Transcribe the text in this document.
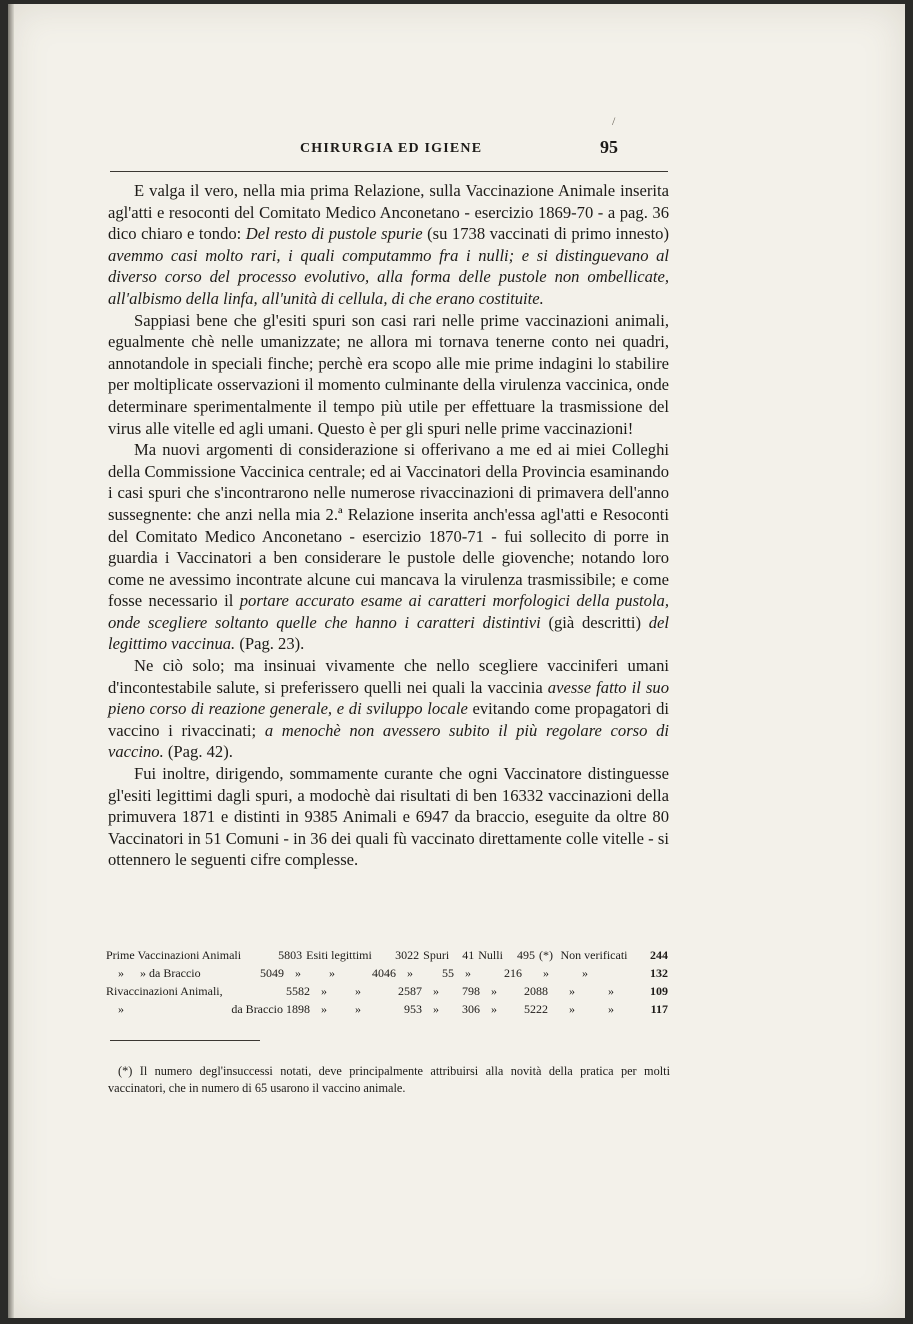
/
CHIRURGIA ED IGIENE	95

E valga il vero, nella mia prima Relazione, sulla Vaccinazione Animale inserita agl'atti e resoconti del Comitato Medico Anconetano - esercizio 1869-70 - a pag. 36 dico chiaro e tondo: Del resto di pustole spurie (su 1738 vaccinati di primo innesto) avemmo casi molto rari, i quali computammo fra i nulli; e si distinguevano al diverso corso del processo evolutivo, alla forma delle pustole non ombellicate, all'albismo della linfa, all'unità di cellula, di che erano costituite.

Sappiasi bene che gl'esiti spuri son casi rari nelle prime vaccinazioni animali, egualmente chè nelle umanizzate; ne allora mi tornava tenerne conto nei quadri, annotandole in speciali finche; perchè era scopo alle mie prime indagini lo stabilire per moltiplicate osservazioni il momento culminante della virulenza vaccinica, onde determinare sperimentalmente il tempo più utile per effettuare la trasmissione del virus alle vitelle ed agli umani. Questo è per gli spuri nelle prime vaccinazioni!

Ma nuovi argomenti di considerazione si offerivano a me ed ai miei Colleghi della Commissione Vaccinica centrale; ed ai Vaccinatori della Provincia esaminando i casi spuri che s'incontrarono nelle numerose rivaccinazioni di primavera dell'anno sussegnente: che anzi nella mia 2.ª Relazione inserita anch'essa agl'atti e Resoconti del Comitato Medico Anconetano - esercizio 1870-71 - fui sollecito di porre in guardia i Vaccinatori a ben considerare le pustole delle giovenche; notando loro come ne avessimo incontrate alcune cui mancava la virulenza trasmissibile; e come fosse necessario il portare accurato esame ai caratteri morfologici della pustola, onde scegliere soltanto quelle che hanno i caratteri distintivi (già descritti) del legittimo vaccinua. (Pag. 23).

Ne ciò solo; ma insinuai vivamente che nello scegliere vacciniferi umani d'incontestabile salute, si preferissero quelli nei quali la vaccinia avesse fatto il suo pieno corso di reazione generale, e di sviluppo locale evitando come propagatori di vaccino i rivaccinati; a menochè non avessero subito il più regolare corso di vaccino. (Pag. 42).

Fui inoltre, dirigendo, sommamente curante che ogni Vaccinatore distinguesse gl'esiti legittimi dagli spuri, a modochè dai risultati di ben 16332 vaccinazioni della primuvera 1871 e distinti in 9385 Animali e 6947 da braccio, eseguite da oltre 80 Vaccinatori in 51 Comuni - in 36 dei quali fù vaccinato direttamente colle vitelle - si ottennero le seguenti cifre complesse.

Prime Vaccinazioni Animali	5803	Esiti legittimi	3022	Spuri	41	Nulli	495	(*)	Non verificati	244
»	» da Braccio	5049	»	»	4046	»	55	»	216	»	»	132
Rivaccinazioni Animali,	5582	»	»	2587	»	798	»	2088	»	»	109
»	da Braccio 1898	»	»	953	»	306	»	5222	»	»	117

(*) Il numero degl'insuccessi notati, deve principalmente attribuirsi alla novità della pratica per molti vaccinatori, che in numero di 65 usarono il vaccino animale.
